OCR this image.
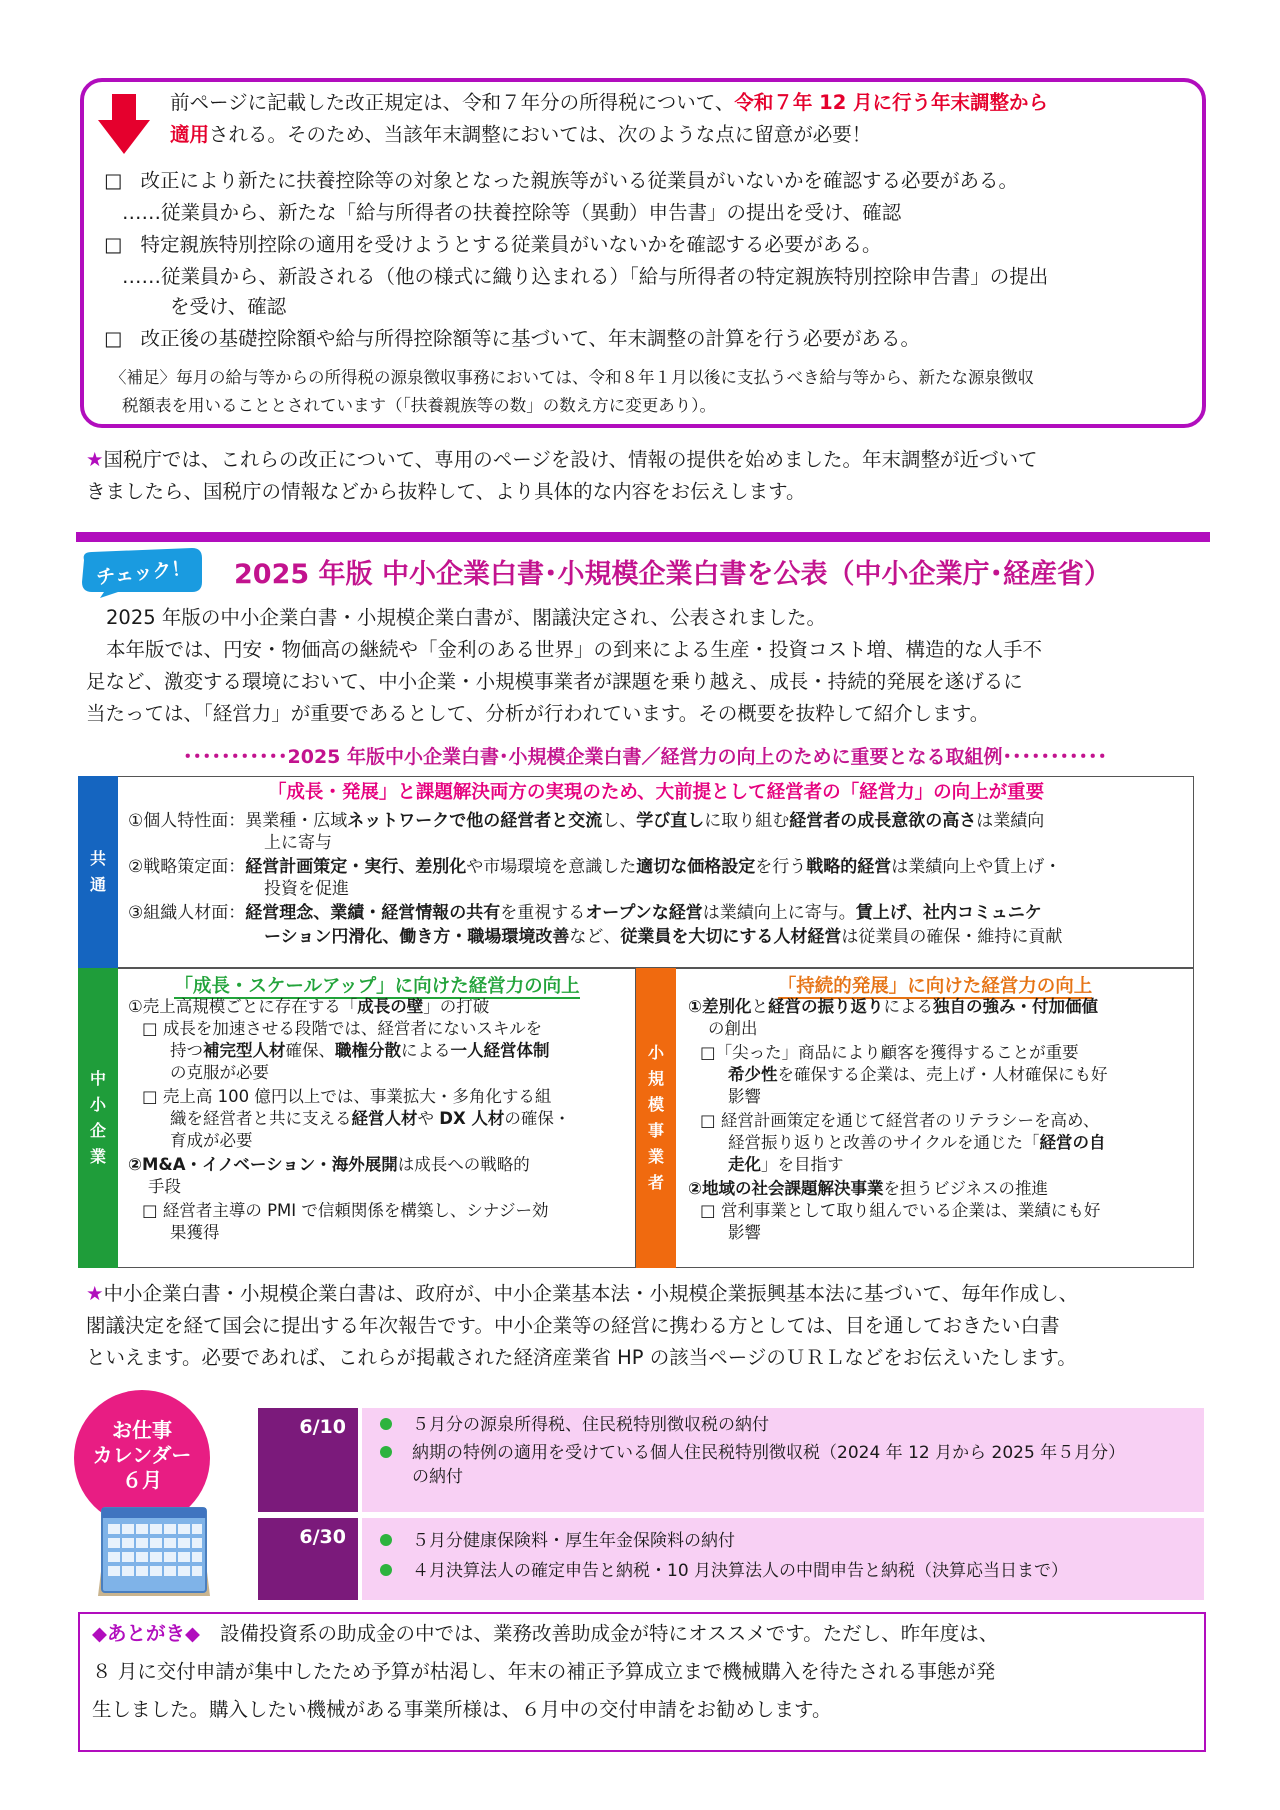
前ページに記載した改正規定は、令和７年分の所得税について、令和７年 12 月に行う年末調整から
適用される。そのため、当該年末調整においては、次のような点に留意が必要！
□ 改正により新たに扶養控除等の対象となった親族等がいる従業員がいないかを確認する必要がある。
……従業員から、新たな「給与所得者の扶養控除等（異動）申告書」の提出を受け、確認
□ 特定親族特別控除の適用を受けようとする従業員がいないかを確認する必要がある。
……従業員から、新設される（他の様式に織り込まれる）「給与所得者の特定親族特別控除申告書」の提出
を受け、確認
□ 改正後の基礎控除額や給与所得控除額等に基づいて、年末調整の計算を行う必要がある。
〈補足〉毎月の給与等からの所得税の源泉徴収事務においては、令和８年１月以後に支払うべき給与等から、新たな源泉徴収
税額表を用いることとされています（「扶養親族等の数」の数え方に変更あり）。
★国税庁では、これらの改正について、専用のページを設け、情報の提供を始めました。年末調整が近づいて
きましたら、国税庁の情報などから抜粋して、より具体的な内容をお伝えします。
チェック！ 2025 年版 中小企業白書･小規模企業白書を公表（中小企業庁･経産省）
2025 年版の中小企業白書・小規模企業白書が、閣議決定され、公表されました。
本年版では、円安・物価高の継続や「金利のある世界」の到来による生産・投資コスト増、構造的な人手不
足など、激変する環境において、中小企業・小規模事業者が課題を乗り越え、成長・持続的発展を遂げるに
当たっては、「経営力」が重要であるとして、分析が行われています。その概要を抜粋して紹介します。
･･･････････2025 年版中小企業白書･小規模企業白書／経営力の向上のために重要となる取組例･･･････････
共
通
「成長・発展」と課題解決両方の実現のため、大前提として経営者の「経営力」の向上が重要
①個人特性面：異業種・広域ネットワークで他の経営者と交流し、学び直しに取り組む経営者の成長意欲の高さは業績向
上に寄与
②戦略策定面：経営計画策定・実行、差別化や市場環境を意識した適切な価格設定を行う戦略的経営は業績向上や賃上げ・
投資を促進
③組織人材面：経営理念、業績・経営情報の共有を重視するオープンな経営は業績向上に寄与。賃上げ、社内コミュニケ
ーション円滑化、働き方・職場環境改善など、従業員を大切にする人材経営は従業員の確保・維持に貢献
中
小
企
業
「成長・スケールアップ」に向けた経営力の向上
①売上高規模ごとに存在する「成長の壁」の打破
□ 成長を加速させる段階では、経営者にないスキルを
持つ補完型人材確保、職権分散による一人経営体制
の克服が必要
□ 売上高 100 億円以上では、事業拡大・多角化する組
織を経営者と共に支える経営人材や DX 人材の確保・
育成が必要
②M&A・イノベーション・海外展開は成長への戦略的
手段
□ 経営者主導の PMI で信頼関係を構築し、シナジー効
果獲得
小
規
模
事
業
者
「持続的発展」に向けた経営力の向上
①差別化と経営の振り返りによる独自の強み・付加価値
の創出
□「尖った」商品により顧客を獲得することが重要
希少性を確保する企業は、売上げ・人材確保にも好
影響
□ 経営計画策定を通じて経営者のリテラシーを高め、
経営振り返りと改善のサイクルを通じた「経営の自
走化」を目指す
②地域の社会課題解決事業を担うビジネスの推進
□ 営利事業として取り組んでいる企業は、業績にも好
影響
★中小企業白書・小規模企業白書は、政府が、中小企業基本法・小規模企業振興基本法に基づいて、毎年作成し、
閣議決定を経て国会に提出する年次報告です。中小企業等の経営に携わる方としては、目を通しておきたい白書
といえます。必要であれば、これらが掲載された経済産業省 HP の該当ページのＵＲＬなどをお伝えいたします。
お仕事
カレンダー
６月
6/10	５月分の源泉所得税、住民税特別徴収税の納付
納期の特例の適用を受けている個人住民税特別徴収税（2024 年 12 月から 2025 年５月分）
の納付
6/30	５月分健康保険料・厚生年金保険料の納付
４月決算法人の確定申告と納税・10 月決算法人の中間申告と納税（決算応当日まで）
◆あとがき◆ 設備投資系の助成金の中では、業務改善助成金が特にオススメです。ただし、昨年度は、
８ 月に交付申請が集中したため予算が枯渇し、年末の補正予算成立まで機械購入を待たされる事態が発
生しました。購入したい機械がある事業所様は、６月中の交付申請をお勧めします。
